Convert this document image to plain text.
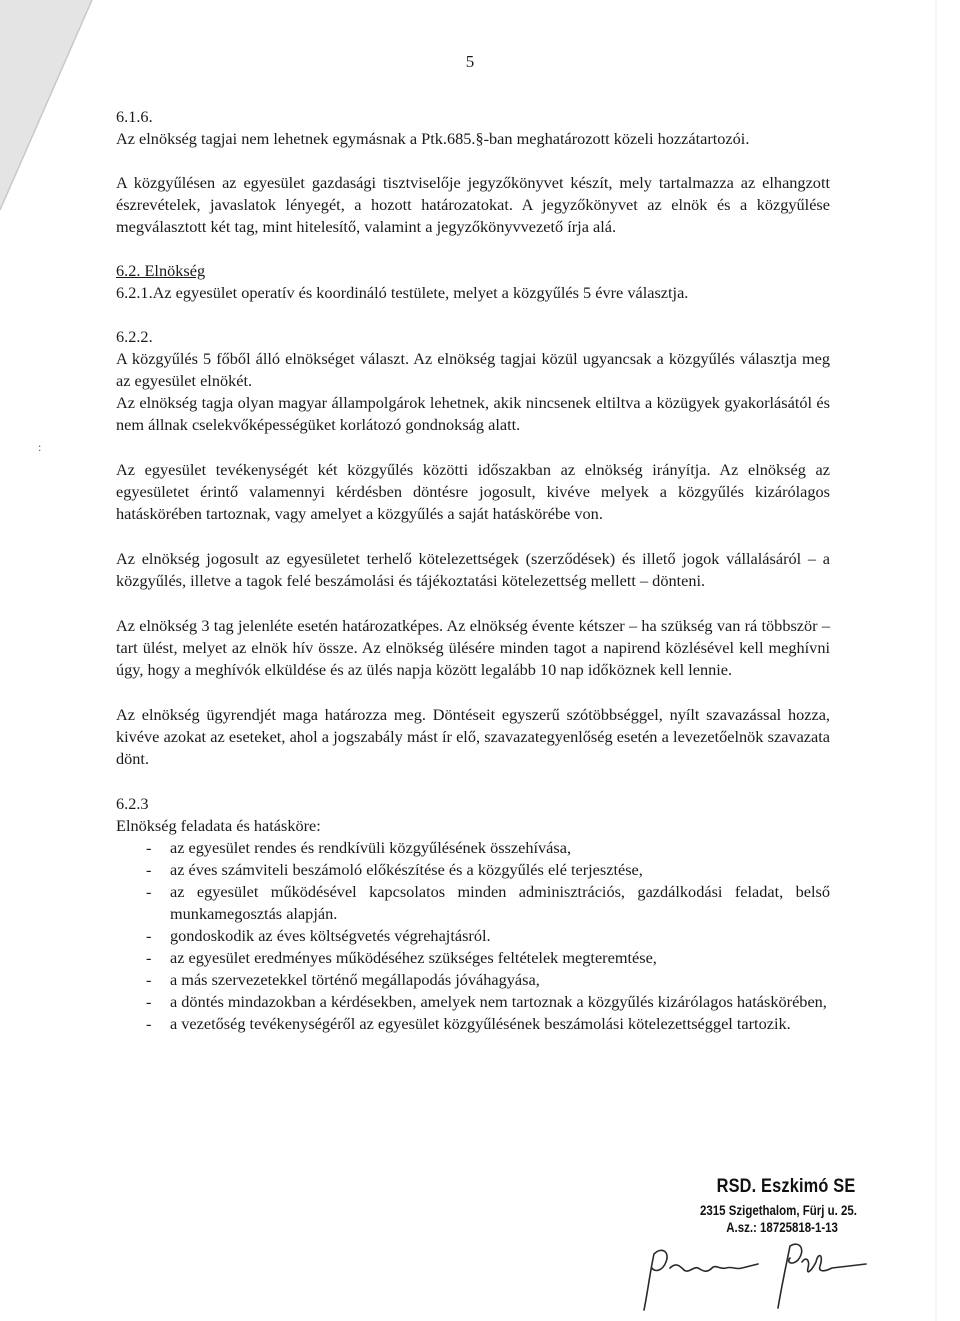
5
:

6.1.6.

Az elnökség tagjai nem lehetnek egymásnak a Ptk.685.§-ban meghatározott közeli hozzátartozói.

A közgyűlésen az egyesület gazdasági tisztviselője jegyzőkönyvet készít, mely tartalmazza az elhangzott észrevételek, javaslatok lényegét, a hozott határozatokat. A jegyzőkönyvet az elnök és a közgyűlése megválasztott két tag, mint hitelesítő, valamint a jegyzőkönyvvezető írja alá.

6.2. Elnökség

6.2.1.Az egyesület operatív és koordináló testülete, melyet a közgyűlés 5 évre választja.

6.2.2.

A közgyűlés 5 főből álló elnökséget választ. Az elnökség tagjai közül ugyancsak a közgyűlés választja meg az egyesület elnökét.

Az elnökség tagja olyan magyar állampolgárok lehetnek, akik nincsenek eltiltva a közügyek gyakorlásától és nem állnak cselekvőképességüket korlátozó gondnokság alatt.

Az egyesület tevékenységét két közgyűlés közötti időszakban az elnökség irányítja. Az elnökség az egyesületet érintő valamennyi kérdésben döntésre jogosult, kivéve melyek a közgyűlés kizárólagos hatáskörében tartoznak, vagy amelyet a közgyűlés a saját hatáskörébe von.

Az elnökség jogosult az egyesületet terhelő kötelezettségek (szerződések) és illető jogok vállalásáról – a közgyűlés, illetve a tagok felé beszámolási és tájékoztatási kötelezettség mellett – dönteni.

Az elnökség 3 tag jelenléte esetén határozatképes. Az elnökség évente kétszer – ha szükség van rá többször – tart ülést, melyet az elnök hív össze. Az elnökség ülésére minden tagot a napirend közlésével kell meghívni úgy, hogy a meghívók elküldése és az ülés napja között legalább 10 nap időköznek kell lennie.

Az elnökség ügyrendjét maga határozza meg. Döntéseit egyszerű szótöbbséggel, nyílt szavazással hozza, kivéve azokat az eseteket, ahol a jogszabály mást ír elő, szavazategyenlőség esetén a levezetőelnök szavazata dönt.

6.2.3

Elnökség feladata és hatásköre:

- az egyesület rendes és rendkívüli közgyűlésének összehívása,
- az éves számviteli beszámoló előkészítése és a közgyűlés elé terjesztése,
- az egyesület működésével kapcsolatos minden adminisztrációs, gazdálkodási feladat, belső munkamegosztás alapján.
- gondoskodik az éves költségvetés végrehajtásról.
- az egyesület eredményes működéséhez szükséges feltételek megteremtése,
- a más szervezetekkel történő megállapodás jóváhagyása,
- a döntés mindazokban a kérdésekben, amelyek nem tartoznak a közgyűlés kizárólagos hatáskörében,
- a vezetőség tevékenységéről az egyesület közgyűlésének beszámolási kötelezettséggel tartozik.
RSD. Eszkimó SE
2315 Szigethalom, Fürj u. 25.
A.sz.: 18725818-1-13
